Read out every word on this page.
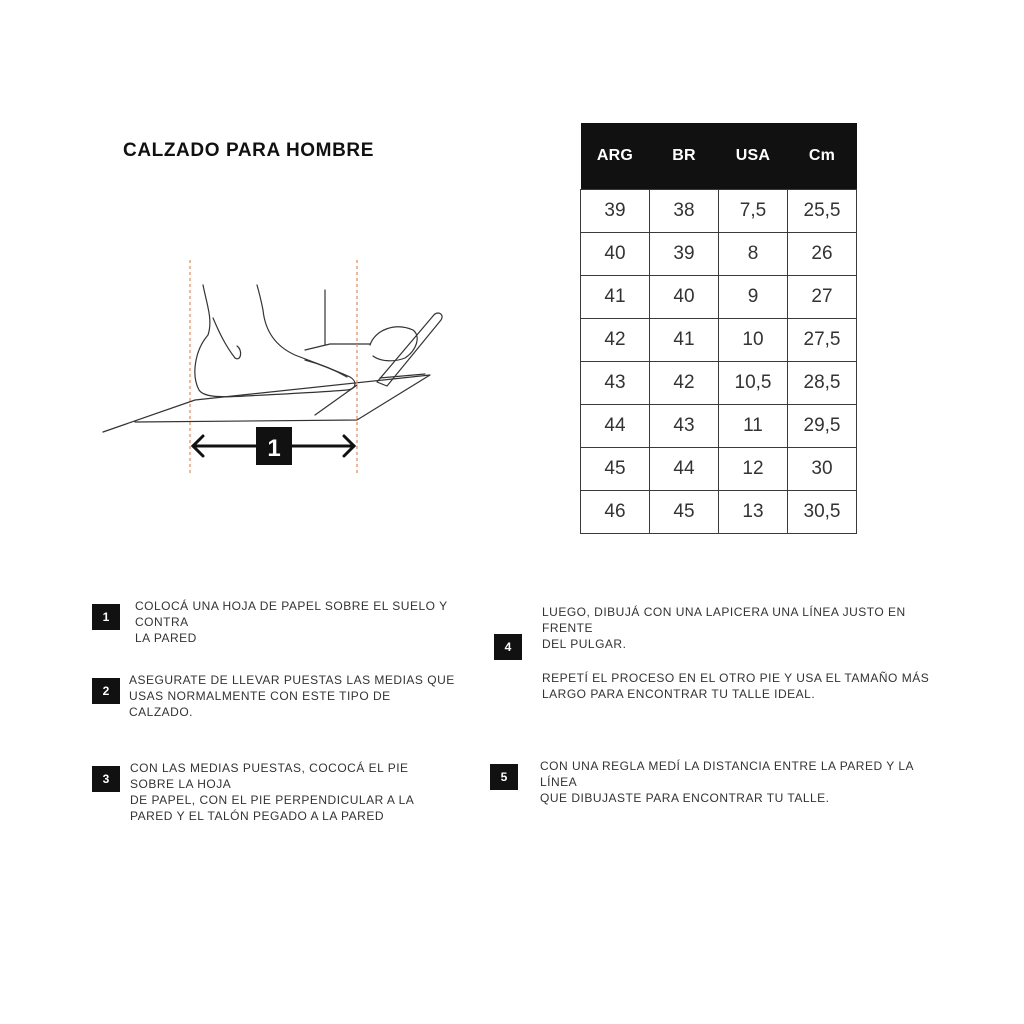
CALZADO PARA HOMBRE
1
ARG	BR	USA	Cm
39	38	7,5	25,5
40	39	8	26
41	40	9	27
42	41	10	27,5
43	42	10,5	28,5
44	43	11	29,5
45	44	12	30
46	45	13	30,5
1
COLOCÁ UNA HOJA DE PAPEL SOBRE EL SUELO Y
CONTRA
LA PARED
2
ASEGURATE DE LLEVAR PUESTAS LAS MEDIAS QUE
USAS NORMALMENTE CON ESTE TIPO DE
CALZADO.
3
CON LAS MEDIAS PUESTAS, COCOCÁ EL PIE
SOBRE LA HOJA
DE PAPEL, CON EL PIE PERPENDICULAR A LA
PARED Y EL TALÓN PEGADO A LA PARED
4
LUEGO, DIBUJÁ CON UNA LAPICERA UNA LÍNEA JUSTO EN
FRENTE
DEL PULGAR.
REPETÍ EL PROCESO EN EL OTRO PIE Y USA EL TAMAÑO MÁS
LARGO PARA ENCONTRAR TU TALLE IDEAL.
5
CON UNA REGLA MEDÍ LA DISTANCIA ENTRE LA PARED Y LA
LÍNEA
QUE DIBUJASTE PARA ENCONTRAR TU TALLE.
